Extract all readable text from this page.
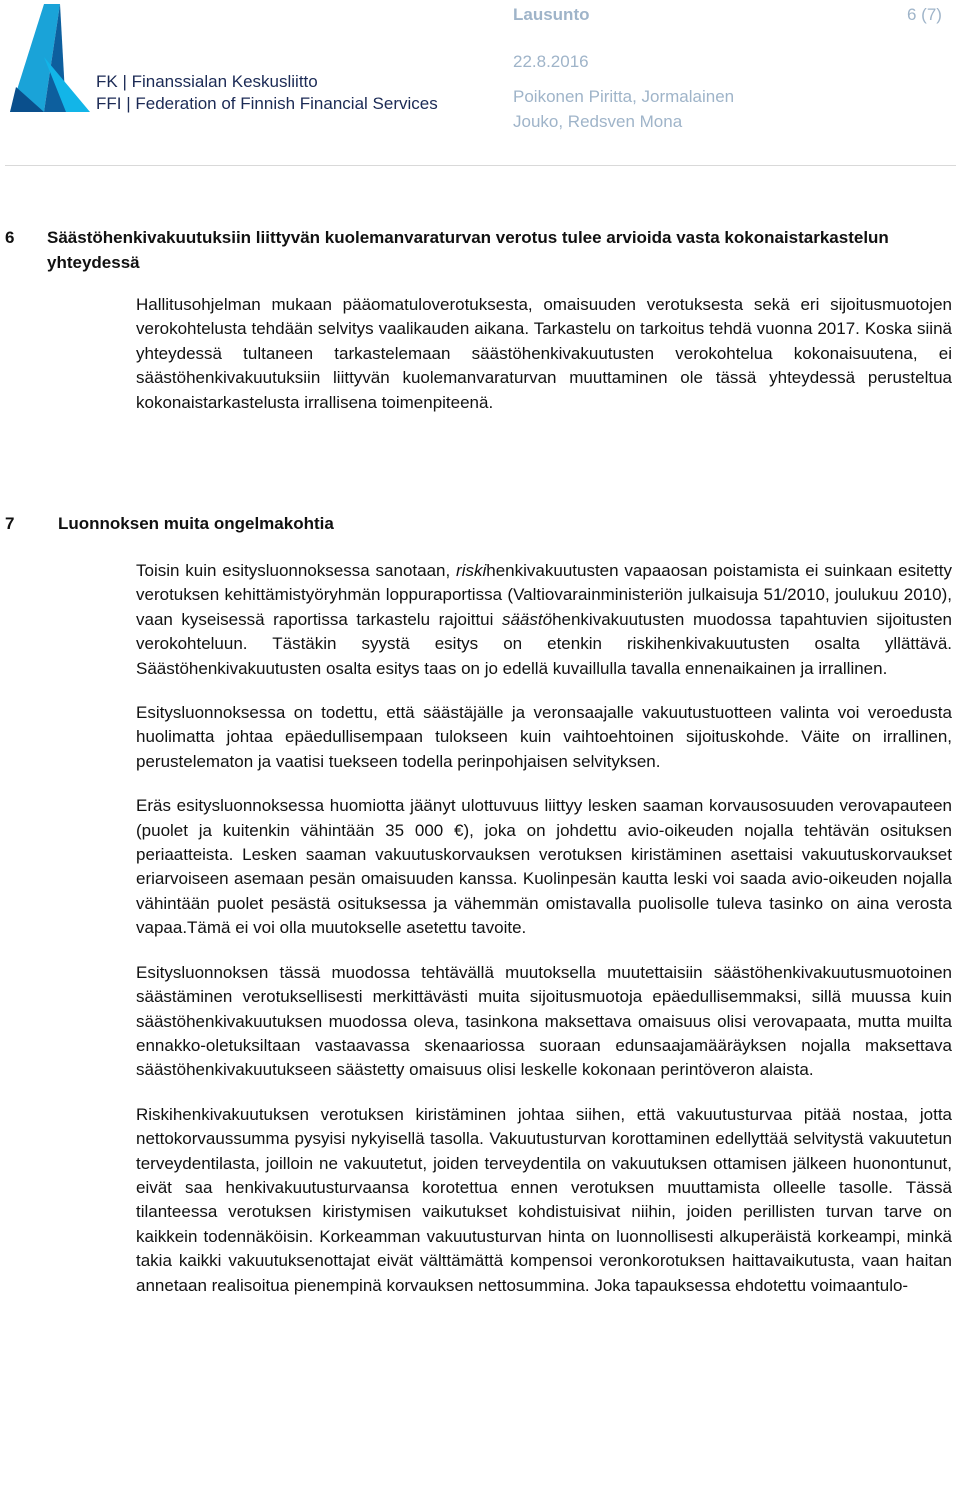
FK | Finanssialan Keskusliitto
FFI | Federation of Finnish Financial Services
Lausunto	6 (7)
22.8.2016
Poikonen Piritta, Jormalainen Jouko, Redsven Mona
6 Säästöhenkivakuutuksiin liittyvän kuolemanvaraturvan verotus tulee arvioida vasta kokonaistarkastelun yhteydessä

Hallitusohjelman mukaan pääomatuloverotuksesta, omaisuuden verotuksesta sekä eri sijoitusmuotojen verokohtelusta tehdään selvitys vaalikauden aikana. Tarkastelu on tarkoitus tehdä vuonna 2017. Koska siinä yhteydessä tultaneen tarkastelemaan säästöhenkivakuutusten verokohtelua kokonaisuutena, ei säästöhenkivakuutuksiin liittyvän kuolemanvaraturvan muuttaminen ole tässä yhteydessä perusteltua kokonaistarkastelusta irrallisena toimenpiteenä.

7	Luonnoksen muita ongelmakohtia

Toisin kuin esitysluonnoksessa sanotaan, riskihenkivakuutusten vapaaosan poistamista ei suinkaan esitetty verotuksen kehittämistyöryhmän loppuraportissa (Valtiovarainministeriön julkaisuja 51/2010, joulukuu 2010), vaan kyseisessä raportissa tarkastelu rajoittui säästöhenkivakuutusten muodossa tapahtuvien sijoitusten verokohteluun. Tästäkin syystä esitys on etenkin riskihenkivakuutusten osalta yllättävä. Säästöhenkivakuutusten osalta esitys taas on jo edellä kuvaillulla tavalla ennenaikainen ja irrallinen.

Esitysluonnoksessa on todettu, että säästäjälle ja veronsaajalle vakuutustuotteen valinta voi veroedusta huolimatta johtaa epäedullisempaan tulokseen kuin vaihtoehtoinen sijoituskohde. Väite on irrallinen, perustelematon ja vaatisi tuekseen todella perinpohjaisen selvityksen.

Eräs esitysluonnoksessa huomiotta jäänyt ulottuvuus liittyy lesken saaman korvausosuuden verovapauteen (puolet ja kuitenkin vähintään 35 000 €), joka on johdettu avio-oikeuden nojalla tehtävän osituksen periaatteista. Lesken saaman vakuutuskorvauksen verotuksen kiristäminen asettaisi vakuutuskorvaukset eriarvoiseen asemaan pesän omaisuuden kanssa. Kuolinpesän kautta leski voi saada avio-oikeuden nojalla vähintään puolet pesästä osituksessa ja vähemmän omistavalla puolisolle tuleva tasinko on aina verosta vapaa.Tämä ei voi olla muutokselle asetettu tavoite.

Esitysluonnoksen tässä muodossa tehtävällä muutoksella muutettaisiin säästöhenkivakuutusmuotoinen säästäminen verotuksellisesti merkittävästi muita sijoitusmuotoja epäedullisemmaksi, sillä muussa kuin säästöhenkivakuutuksen muodossa oleva, tasinkona maksettava omaisuus olisi verovapaata, mutta muilta ennakko-oletuksiltaan vastaavassa skenaariossa suoraan edunsaajamääräyksen nojalla maksettava säästöhenkivakuutukseen säästetty omaisuus olisi leskelle kokonaan perintöveron alaista.

Riskihenkivakuutuksen verotuksen kiristäminen johtaa siihen, että vakuutusturvaa pitää nostaa, jotta nettokorvaussumma pysyisi nykyisellä tasolla. Vakuutusturvan korottaminen edellyttää selvitystä vakuutetun terveydentilasta, joilloin ne vakuutetut, joiden terveydentila on vakuutuksen ottamisen jälkeen huonontunut, eivät saa henkivakuutusturvaansa korotettua ennen verotuksen muuttamista olleelle tasolle. Tässä tilanteessa verotuksen kiristymisen vaikutukset kohdistuisivat niihin, joiden perillisten turvan tarve on kaikkein todennäköisin. Korkeamman vakuutusturvan hinta on luonnollisesti alkuperäistä korkeampi, minkä takia kaikki vakuutuksenottajat eivät välttämättä kompensoi veronkorotuksen haittavaikutusta, vaan haitan annetaan realisoitua pienempinä korvauksen nettosummina. Joka tapauksessa ehdotettu voimaantulo-
